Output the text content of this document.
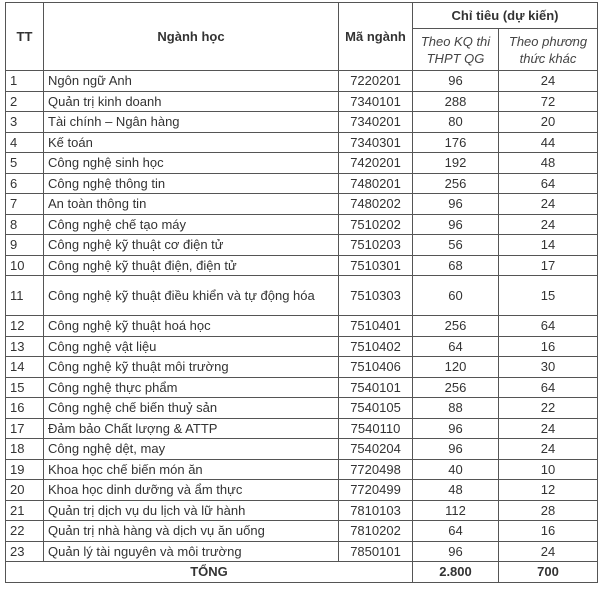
TT	Ngành học	Mã ngành	Chỉ tiêu (dự kiến)	
			Theo KQ thi THPT QG	Theo phương thức khác
1	Ngôn ngữ Anh	7220201	96	24
2	Quản trị kinh doanh	7340101	288	72
3	Tài chính – Ngân hàng	7340201	80	20
4	Kế toán	7340301	176	44
5	Công nghệ sinh học	7420201	192	48
6	Công nghệ thông tin	7480201	256	64
7	An toàn thông tin	7480202	96	24
8	Công nghệ chế tạo máy	7510202	96	24
9	Công nghệ kỹ thuật cơ điện tử	7510203	56	14
10	Công nghệ kỹ thuật điện, điện tử	7510301	68	17
11	Công nghệ kỹ thuật điều khiển và tự động hóa	7510303	60	15
12	Công nghệ kỹ thuật hoá học	7510401	256	64
13	Công nghệ vật liệu	7510402	64	16
14	Công nghệ kỹ thuật môi trường	7510406	120	30
15	Công nghệ thực phẩm	7540101	256	64
16	Công nghệ chế biến thuỷ sản	7540105	88	22
17	Đảm bảo Chất lượng & ATTP	7540110	96	24
18	Công nghệ dệt, may	7540204	96	24
19	Khoa học chế biến món ăn	7720498	40	10
20	Khoa học dinh dưỡng và ẩm thực	7720499	48	12
21	Quản trị dịch vụ du lịch và lữ hành	7810103	112	28
22	Quản trị nhà hàng và dịch vụ ăn uống	7810202	64	16
23	Quản lý tài nguyên và môi trường	7850101	96	24
TỔNG			2.800	700
